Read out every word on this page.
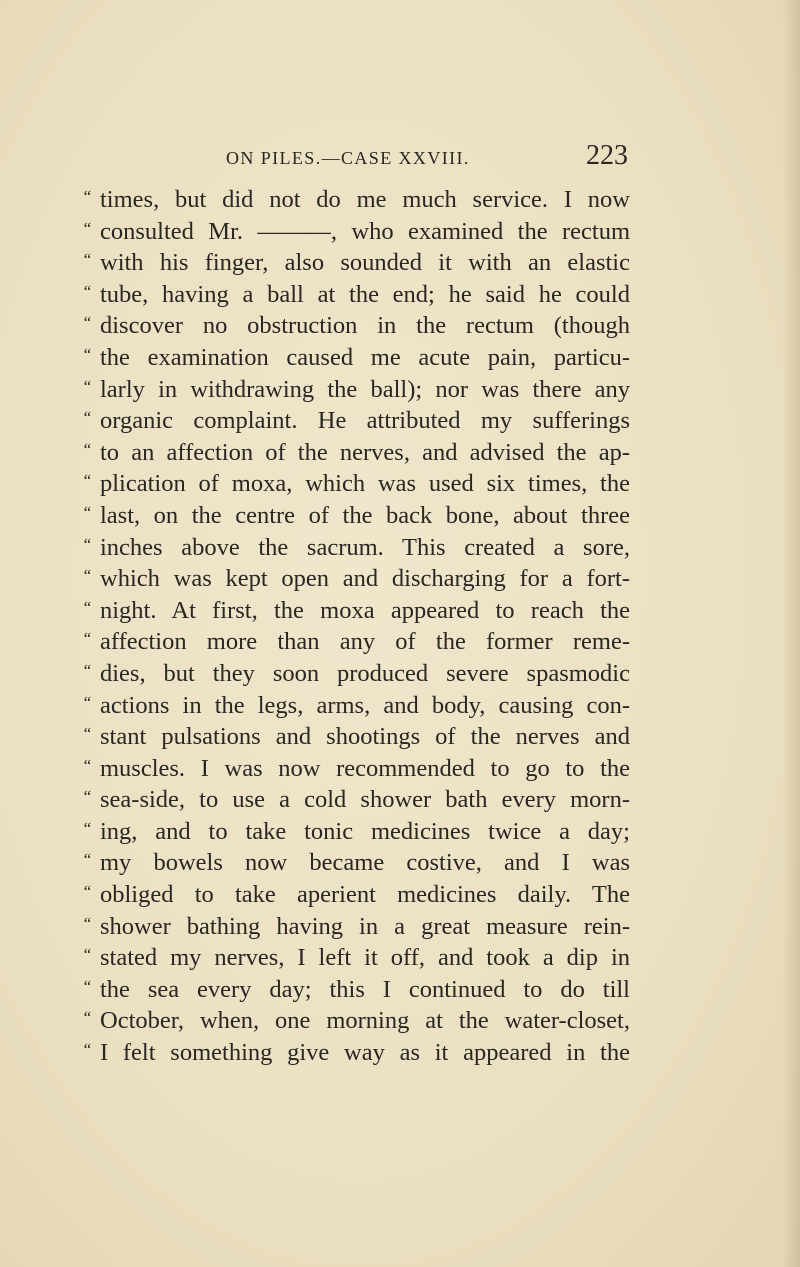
ON PILES.—CASE XXVIII.	223
“ times, but did not do me much service. I now
“ consulted Mr. ———, who examined the rectum
“ with his finger, also sounded it with an elastic
“ tube, having a ball at the end; he said he could
“ discover no obstruction in the rectum (though
“ the examination caused me acute pain, particu-
“ larly in withdrawing the ball); nor was there any
“ organic complaint. He attributed my sufferings
“ to an affection of the nerves, and advised the ap-
“ plication of moxa, which was used six times, the
“ last, on the centre of the back bone, about three
“ inches above the sacrum. This created a sore,
“ which was kept open and discharging for a fort-
“ night. At first, the moxa appeared to reach the
“ affection more than any of the former reme-
“ dies, but they soon produced severe spasmodic
“ actions in the legs, arms, and body, causing con-
“ stant pulsations and shootings of the nerves and
“ muscles. I was now recommended to go to the
“ sea-side, to use a cold shower bath every morn-
“ ing, and to take tonic medicines twice a day;
“ my bowels now became costive, and I was
“ obliged to take aperient medicines daily. The
“ shower bathing having in a great measure rein-
“ stated my nerves, I left it off, and took a dip in
“ the sea every day; this I continued to do till
“ October, when, one morning at the water-closet,
“ I felt something give way as it appeared in the
